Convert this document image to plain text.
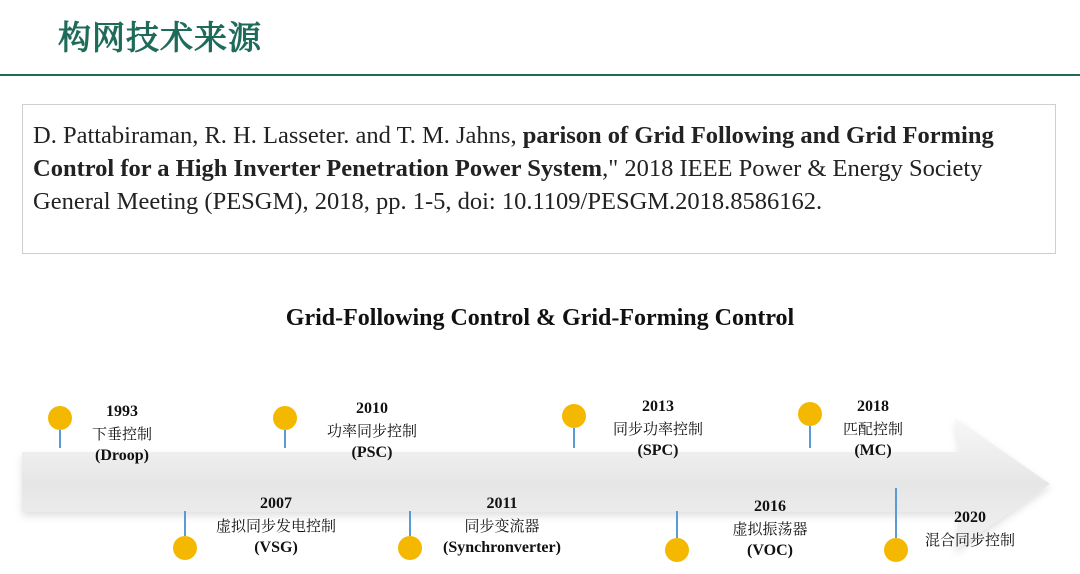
构网技术来源
D. Pattabiraman, R. H. Lasseter. and T. M. Jahns, parison of Grid Following and Grid Forming Control for a High Inverter Penetration Power System," 2018 IEEE Power & Energy Society General Meeting (PESGM), 2018, pp. 1-5, doi: 10.1109/PESGM.2018.8586162.
Grid-Following Control & Grid-Forming Control
1993
下垂控制
(Droop)
2007
虚拟同步发电控制
(VSG)
2010
功率同步控制
(PSC)
2011
同步变流器
(Synchronverter)
2013
同步功率控制
(SPC)
2016
虚拟振荡器
(VOC)
2018
匹配控制
(MC)
2020
混合同步控制
